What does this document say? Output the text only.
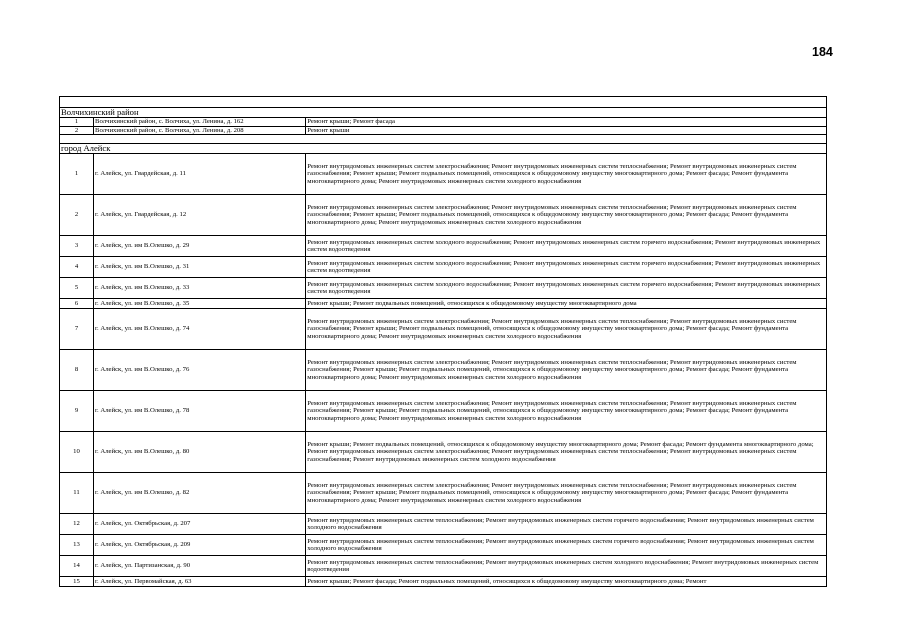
184

Волчихинский район		
1	Волчихинский район, с. Волчиха, ул. Ленина, д. 162	Ремонт крыши; Ремонт фасада
2	Волчихинский район, с. Волчиха, ул. Ленина, д. 208	Ремонт крыши

город Алейск		
1	г. Алейск, ул. Гвардейская, д. 11	Ремонт внутридомовых инженерных систем электроснабжения; Ремонт внутридомовых инженерных систем теплоснабжения; Ремонт внутридомовых инженерных систем газоснабжения; Ремонт крыши; Ремонт подвальных помещений, относящихся к общедомовому имуществу многоквартирного дома; Ремонт фасада; Ремонт фундамента многоквартирного дома; Ремонт внутридомовых инженерных систем холодного водоснабжения
2	г. Алейск, ул. Гвардейская, д. 12	Ремонт внутридомовых инженерных систем электроснабжения; Ремонт внутридомовых инженерных систем теплоснабжения; Ремонт внутридомовых инженерных систем газоснабжения; Ремонт крыши; Ремонт подвальных помещений, относящихся к общедомовому имуществу многоквартирного дома; Ремонт фасада; Ремонт фундамента многоквартирного дома; Ремонт внутридомовых инженерных систем холодного водоснабжения
3	г. Алейск, ул. им В.Олешко, д. 29	Ремонт внутридомовых инженерных систем холодного водоснабжения; Ремонт внутридомовых инженерных систем горячего водоснабжения; Ремонт внутридомовых инженерных систем водоотведения
4	г. Алейск, ул. им В.Олешко, д. 31	Ремонт внутридомовых инженерных систем холодного водоснабжения; Ремонт внутридомовых инженерных систем горячего водоснабжения; Ремонт внутридомовых инженерных систем водоотведения
5	г. Алейск, ул. им В.Олешко, д. 33	Ремонт внутридомовых инженерных систем холодного водоснабжения; Ремонт внутридомовых инженерных систем горячего водоснабжения; Ремонт внутридомовых инженерных систем водоотведения
6	г. Алейск, ул. им В.Олешко, д. 35	Ремонт крыши; Ремонт подвальных помещений, относящихся к общедомовому имуществу многоквартирного дома
7	г. Алейск, ул. им В.Олешко, д. 74	Ремонт внутридомовых инженерных систем электроснабжения; Ремонт внутридомовых инженерных систем теплоснабжения; Ремонт внутридомовых инженерных систем газоснабжения; Ремонт крыши; Ремонт подвальных помещений, относящихся к общедомовому имуществу многоквартирного дома; Ремонт фасада; Ремонт фундамента многоквартирного дома; Ремонт внутридомовых инженерных систем холодного водоснабжения
8	г. Алейск, ул. им В.Олешко, д. 76	Ремонт внутридомовых инженерных систем электроснабжения; Ремонт внутридомовых инженерных систем теплоснабжения; Ремонт внутридомовых инженерных систем газоснабжения; Ремонт крыши; Ремонт подвальных помещений, относящихся к общедомовому имуществу многоквартирного дома; Ремонт фасада; Ремонт фундамента многоквартирного дома; Ремонт внутридомовых инженерных систем холодного водоснабжения
9	г. Алейск, ул. им В.Олешко, д. 78	Ремонт внутридомовых инженерных систем электроснабжения; Ремонт внутридомовых инженерных систем теплоснабжения; Ремонт внутридомовых инженерных систем газоснабжения; Ремонт крыши; Ремонт подвальных помещений, относящихся к общедомовому имуществу многоквартирного дома; Ремонт фасада; Ремонт фундамента многоквартирного дома; Ремонт внутридомовых инженерных систем холодного водоснабжения
10	г. Алейск, ул. им В.Олешко, д. 80	Ремонт крыши; Ремонт подвальных помещений, относящихся к общедомовому имуществу многоквартирного дома; Ремонт фасада; Ремонт фундамента многоквартирного дома; Ремонт внутридомовых инженерных систем электроснабжения; Ремонт внутридомовых инженерных систем теплоснабжения; Ремонт внутридомовых инженерных систем газоснабжения; Ремонт внутридомовых инженерных систем холодного водоснабжения
11	г. Алейск, ул. им В.Олешко, д. 82	Ремонт внутридомовых инженерных систем электроснабжения; Ремонт внутридомовых инженерных систем теплоснабжения; Ремонт внутридомовых инженерных систем газоснабжения; Ремонт крыши; Ремонт подвальных помещений, относящихся к общедомовому имуществу многоквартирного дома; Ремонт фасада; Ремонт фундамента многоквартирного дома; Ремонт внутридомовых инженерных систем холодного водоснабжения
12	г. Алейск, ул. Октябрьская, д. 207	Ремонт внутридомовых инженерных систем теплоснабжения; Ремонт внутридомовых инженерных систем горячего водоснабжения; Ремонт внутридомовых инженерных систем холодного водоснабжения
13	г. Алейск, ул. Октябрьская, д. 209	Ремонт внутридомовых инженерных систем теплоснабжения; Ремонт внутридомовых инженерных систем горячего водоснабжения; Ремонт внутридомовых инженерных систем холодного водоснабжения
14	г. Алейск, ул. Партизанская, д. 90	Ремонт внутридомовых инженерных систем теплоснабжения; Ремонт внутридомовых инженерных систем холодного водоснабжения; Ремонт внутридомовых инженерных систем водоотведения
15	г. Алейск, ул. Первомайская, д. 63	Ремонт крыши; Ремонт фасада; Ремонт подвальных помещений, относящихся к общедомовому имуществу многоквартирного дома; Ремонт
